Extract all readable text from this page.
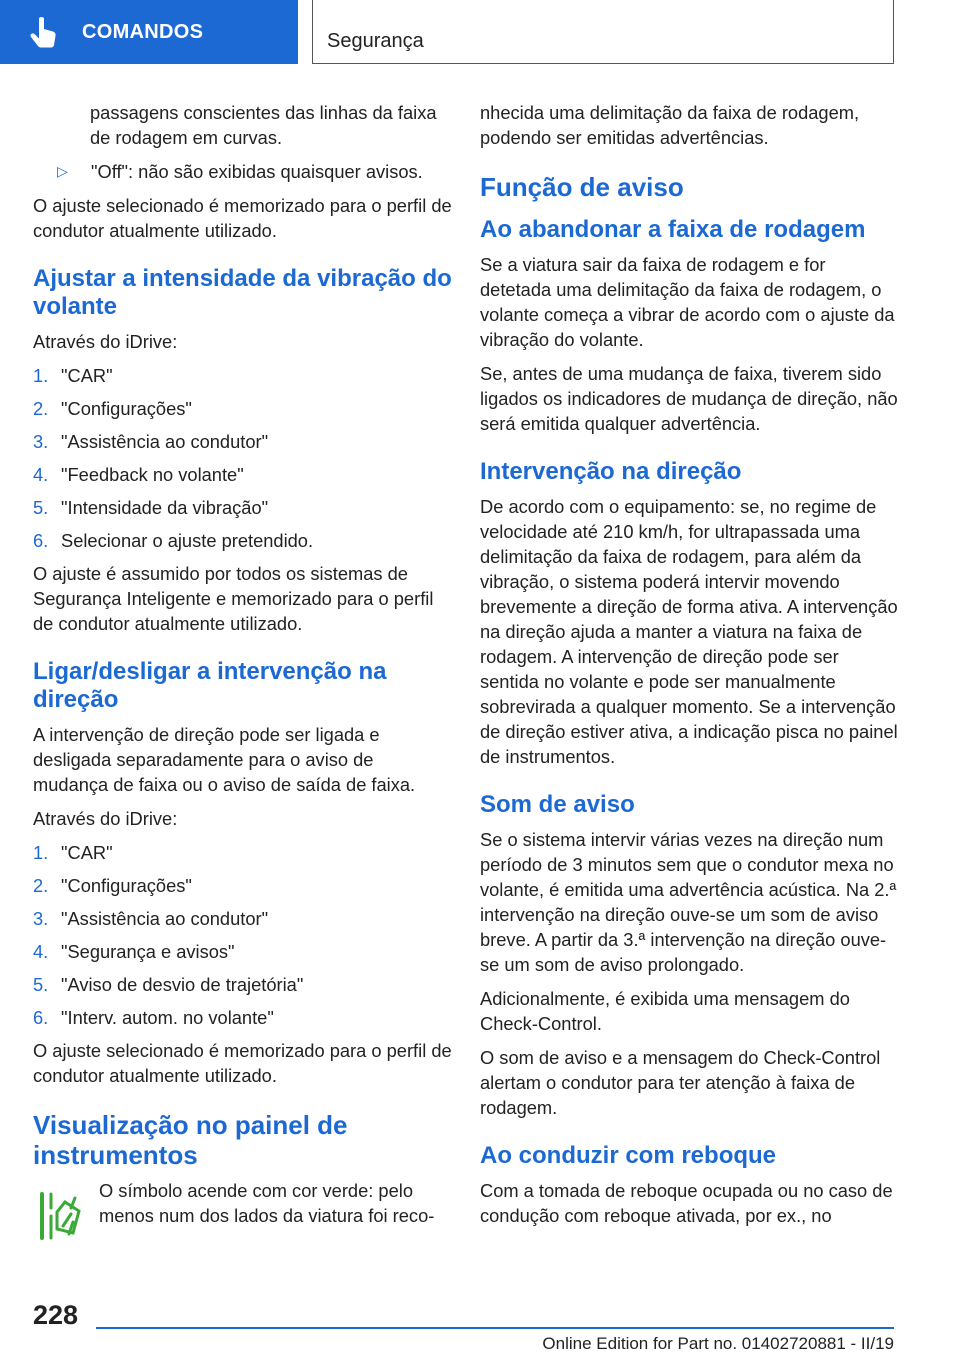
COMANDOS	Segurança

passagens conscientes das linhas da faixa de rodagem em curvas.

▷	"Off": não são exibidas quaisquer avisos.

O ajuste selecionado é memorizado para o perfil de condutor atualmente utilizado.

Ajustar a intensidade da vibração do volante

Através do iDrive:

1. "CAR"
2. "Configurações"
3. "Assistência ao condutor"
4. "Feedback no volante"
5. "Intensidade da vibração"
6. Selecionar o ajuste pretendido.

O ajuste é assumido por todos os sistemas de Segurança Inteligente e memorizado para o perfil de condutor atualmente utilizado.

Ligar/desligar a intervenção na direção

A intervenção de direção pode ser ligada e desligada separadamente para o aviso de mudança de faixa ou o aviso de saída de faixa.

Através do iDrive:

1. "CAR"
2. "Configurações"
3. "Assistência ao condutor"
4. "Segurança e avisos"
5. "Aviso de desvio de trajetória"
6. "Interv. autom. no volante"

O ajuste selecionado é memorizado para o perfil de condutor atualmente utilizado.

Visualização no painel de instrumentos

O símbolo acende com cor verde: pelo menos num dos lados da viatura foi reco-

nhecida uma delimitação da faixa de rodagem, podendo ser emitidas advertências.

Função de aviso
Ao abandonar a faixa de rodagem

Se a viatura sair da faixa de rodagem e for detetada uma delimitação da faixa de rodagem, o volante começa a vibrar de acordo com o ajuste da vibração do volante.

Se, antes de uma mudança de faixa, tiverem sido ligados os indicadores de mudança de direção, não será emitida qualquer advertência.

Intervenção na direção

De acordo com o equipamento: se, no regime de velocidade até 210 km/h, for ultrapassada uma delimitação da faixa de rodagem, para além da vibração, o sistema poderá intervir movendo brevemente a direção de forma ativa. A intervenção na direção ajuda a manter a viatura na faixa de rodagem. A intervenção de direção pode ser sentida no volante e pode ser manualmente sobrevirada a qualquer momento. Se a intervenção de direção estiver ativa, a indicação pisca no painel de instrumentos.

Som de aviso

Se o sistema intervir várias vezes na direção num período de 3 minutos sem que o condutor mexa no volante, é emitida uma advertência acústica. Na 2.ª intervenção na direção ouve-se um som de aviso breve. A partir da 3.ª intervenção na direção ouve-se um som de aviso prolongado.

Adicionalmente, é exibida uma mensagem do Check-Control.

O som de aviso e a mensagem do Check-Control alertam o condutor para ter atenção à faixa de rodagem.

Ao conduzir com reboque

Com a tomada de reboque ocupada ou no caso de condução com reboque ativada, por ex., no

228
Online Edition for Part no. 01402720881 - II/19
